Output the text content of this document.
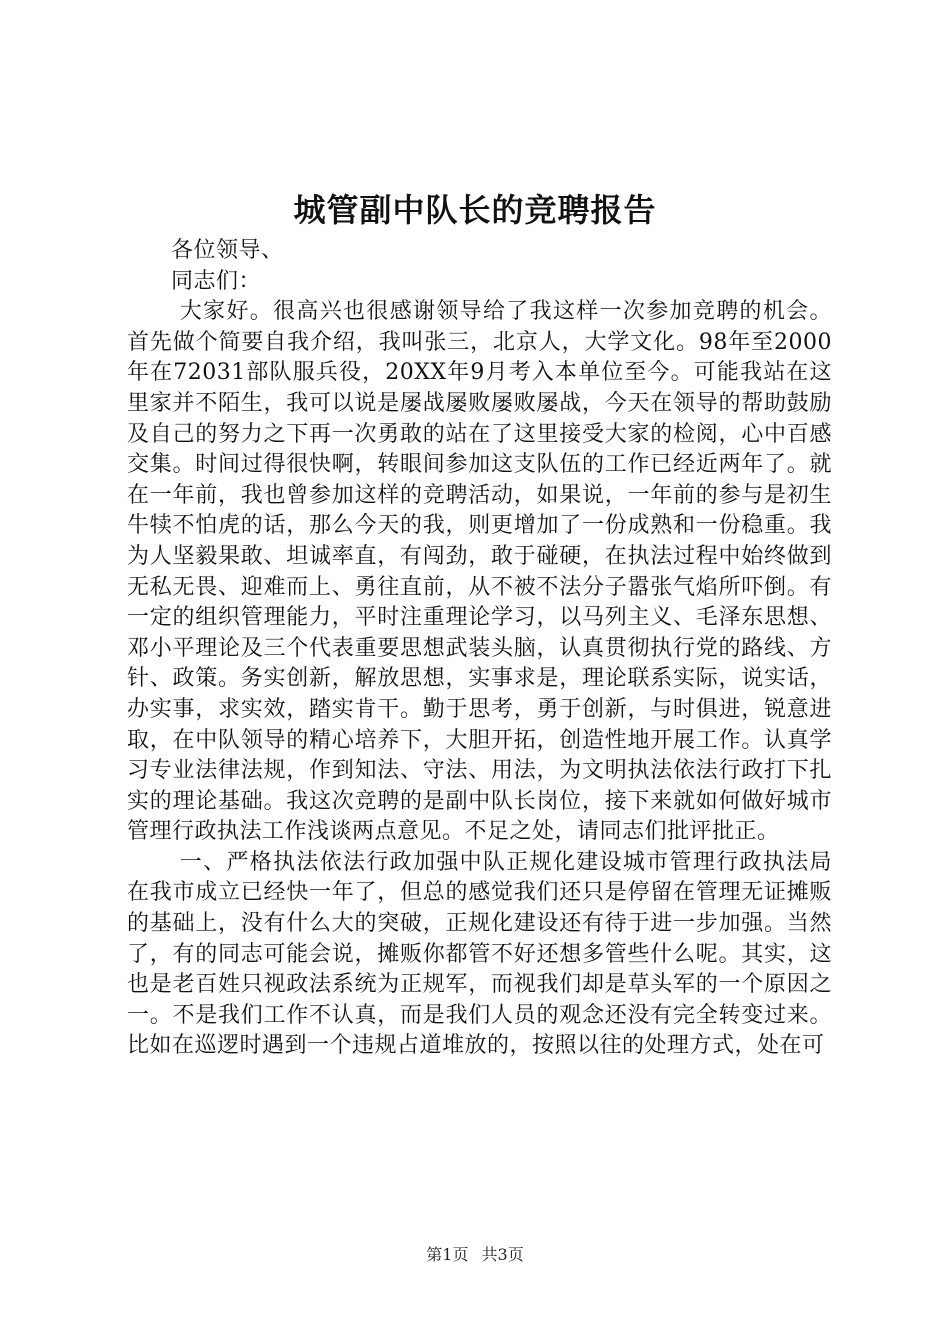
城管副中队长的竞聘报告

各位领导、

同志们：

大家好。很高兴也很感谢领导给了我这样一次参加竞聘的机会。首先做个简要自我介绍，我叫张三，北京人，大学文化。98年至2000年在72031部队服兵役，20XX年9月考入本单位至今。可能我站在这里家并不陌生，我可以说是屡战屡败屡败屡战，今天在领导的帮助鼓励及自己的努力之下再一次勇敢的站在了这里接受大家的检阅，心中百感交集。时间过得很快啊，转眼间参加这支队伍的工作已经近两年了。就在一年前，我也曾参加这样的竞聘活动，如果说，一年前的参与是初生牛犊不怕虎的话，那么今天的我，则更增加了一份成熟和一份稳重。我为人坚毅果敢、坦诚率直，有闯劲，敢于碰硬，在执法过程中始终做到无私无畏、迎难而上、勇往直前，从不被不法分子嚣张气焰所吓倒。有一定的组织管理能力，平时注重理论学习，以马列主义、毛泽东思想、邓小平理论及三个代表重要思想武装头脑，认真贯彻执行党的路线、方针、政策。务实创新，解放思想，实事求是，理论联系实际，说实话，办实事，求实效，踏实肯干。勤于思考，勇于创新，与时俱进，锐意进取，在中队领导的精心培养下，大胆开拓，创造性地开展工作。认真学习专业法律法规，作到知法、守法、用法，为文明执法依法行政打下扎实的理论基础。我这次竞聘的是副中队长岗位，接下来就如何做好城市管理行政执法工作浅谈两点意见。不足之处，请同志们批评批正。

一、严格执法依法行政加强中队正规化建设城市管理行政执法局在我市成立已经快一年了，但总的感觉我们还只是停留在管理无证摊贩的基础上，没有什么大的突破，正规化建设还有待于进一步加强。当然了，有的同志可能会说，摊贩你都管不好还想多管些什么呢。其实，这也是老百姓只视政法系统为正规军，而视我们却是草头军的一个原因之一。不是我们工作不认真，而是我们人员的观念还没有完全转变过来。比如在巡逻时遇到一个违规占道堆放的，按照以往的处理方式，处在可

第1页 共3页
